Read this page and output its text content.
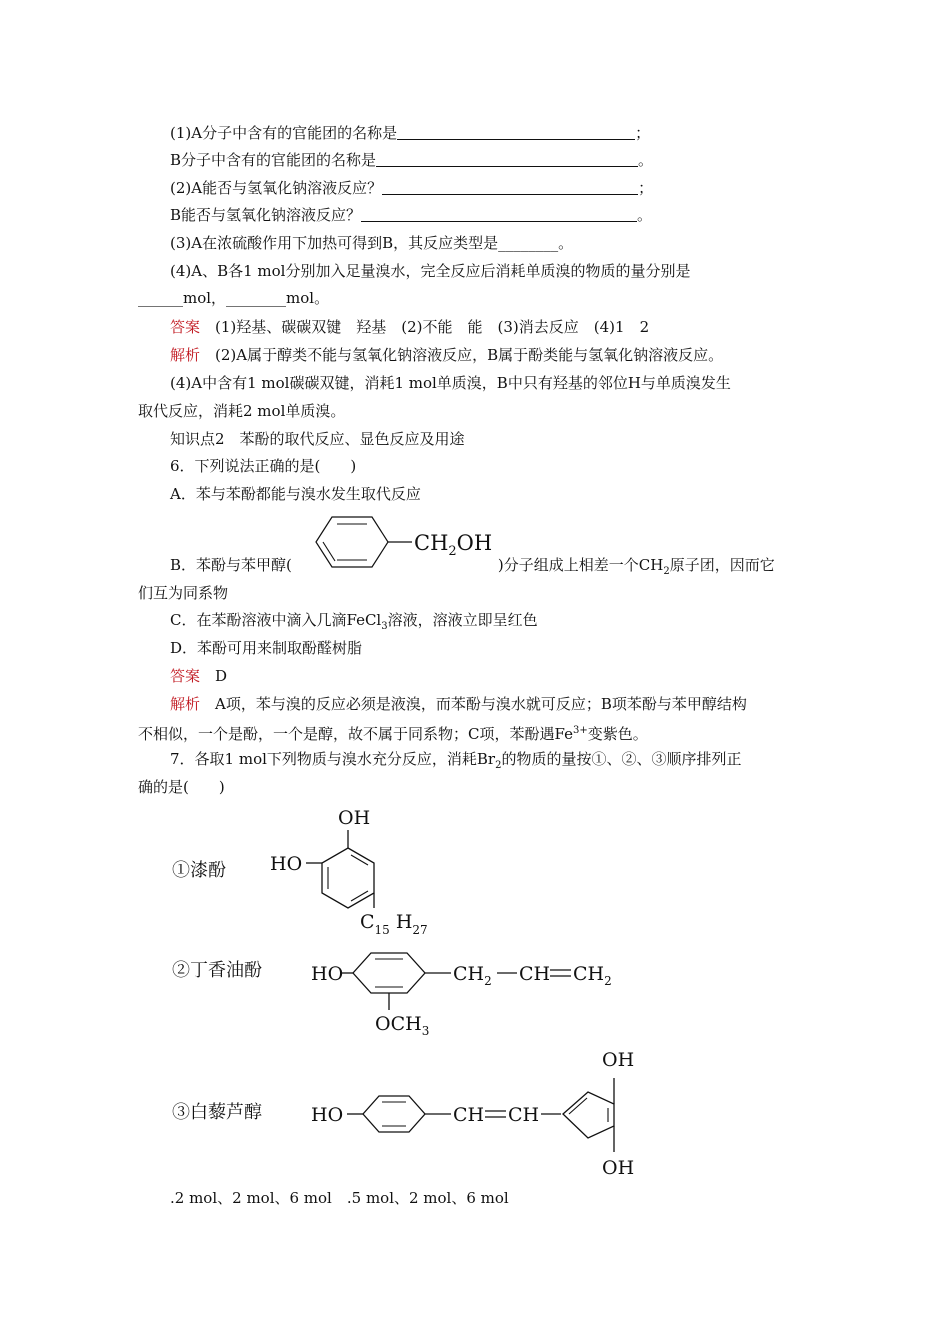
(1)A分子中含有的官能团的名称是	；
B分子中含有的官能团的名称是	。
(2)A能否与氢氧化钠溶液反应？	；
B能否与氢氧化钠溶液反应？	。
(3)A在浓硫酸作用下加热可得到B，其反应类型是________。
(4)A、B各1 mol分别加入足量溴水，完全反应后消耗单质溴的物质的量分别是
______mol，________mol。
答案　 (1)羟基、碳碳双键　羟基　(2)不能　能　(3)消去反应　(4)1　2
解析　 (2)A属于醇类不能与氢氧化钠溶液反应，B属于酚类能与氢氧化钠溶液反应。
(4)A中含有1 mol碳碳双键，消耗1 mol单质溴，B中只有羟基的邻位H与单质溴发生
取代反应，消耗2 mol单质溴。
知识点2　苯酚的取代反应、显色反应及用途
6．下列说法正确的是(　　)
A．苯与苯酚都能与溴水发生取代反应
$CH_2OH$
B．苯酚与苯甲醇(	)分子组成上相差一个$CH_2$原子团，因而它
们互为同系物
C．在苯酚溶液中滴入几滴FeCl$_3$溶液，溶液立即呈红色
D．苯酚可用来制取酚醛树脂
答案　 D
解析　 A项，苯与溴的反应必须是液溴，而苯酚与溴水就可反应；B项苯酚与苯甲醇结构
不相似，一个是酚，一个是醇，故不属于同系物；C项，苯酚遇$Fe^{3+}$变紫色。
7．各取1 mol下列物质与溴水充分反应，消耗$Br_2$的物质的量按①、②、③顺序排列正
确的是(　　)
①漆酚
OH
HO
$C_{15}$ $H_{27}$
②丁香油酚	HO	$CH_2$ CH $CH_2$
$OCH_3$
③白藜芦醇	HO	CH CH
OH
OH
.2 mol、2 mol、6 mol　.5 mol、2 mol、6 mol
